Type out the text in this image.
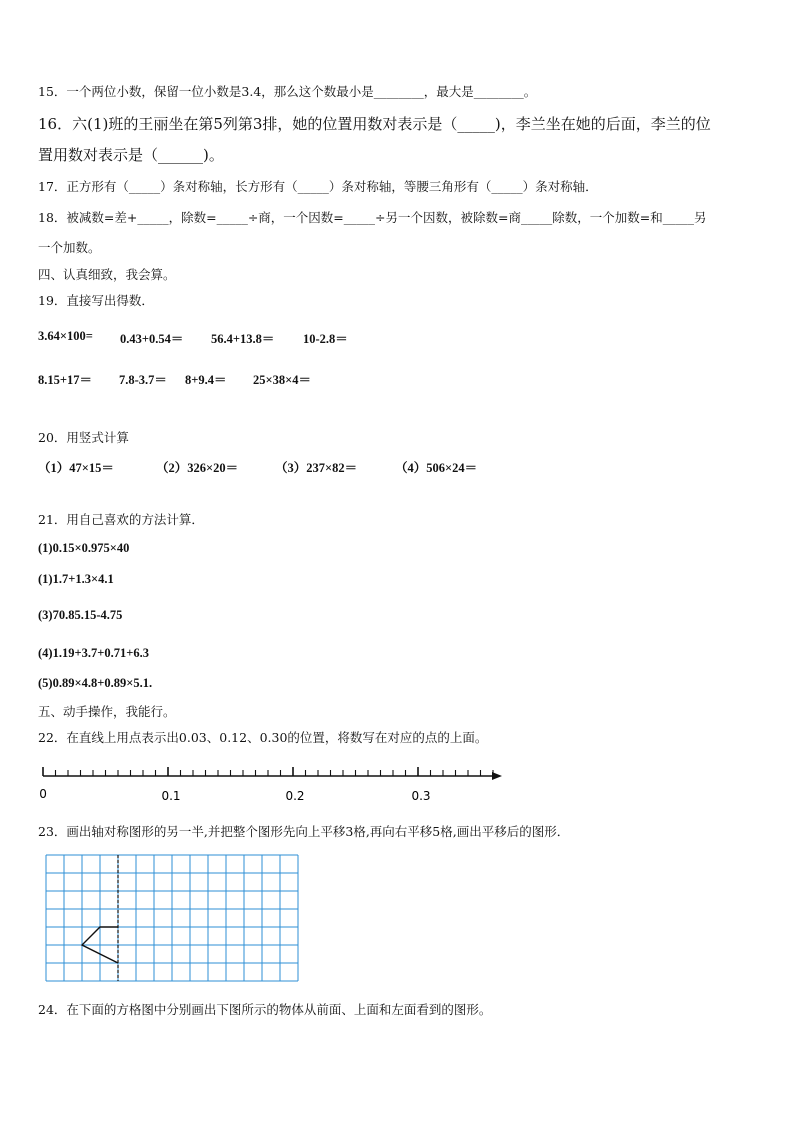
15．一个两位小数，保留一位小数是3.4，那么这个数最小是________，最大是________。
16．六(1)班的王丽坐在第5列第3排，她的位置用数对表示是（_____)，李兰坐在她的后面，李兰的位
置用数对表示是（______)。
17．正方形有（_____）条对称轴，长方形有（_____）条对称轴，等腰三角形有（_____）条对称轴．
18．被减数=差+_____，除数=_____÷商，一个因数=_____÷另一个因数，被除数=商_____除数，一个加数=和_____另
一个加数。
四、认真细致，我会算。
19．直接写出得数．
3.64×100= 0.43+0.54＝ 56.4+13.8＝ 10-2.8＝
8.15+17＝ 7.8-3.7＝ 8+9.4＝ 25×38×4＝
20．用竖式计算
（1）47×15＝	（2）326×20＝	（3）237×82＝	（4）506×24＝
21．用自己喜欢的方法计算．
(1)0.15×0.975×40
(1)1.7+1.3×4.1
(3)70.85.15-4.75
(4)1.19+3.7+0.71+6.3
(5)0.89×4.8+0.89×5.1.
五、动手操作，我能行。
22．在直线上用点表示出0.03、0.12、0.30的位置，将数写在对应的点的上面。
0	0.1	0.2	0.3
23．画出轴对称图形的另一半,并把整个图形先向上平移3格,再向右平移5格,画出平移后的图形．
24．在下面的方格图中分别画出下图所示的物体从前面、上面和左面看到的图形。
